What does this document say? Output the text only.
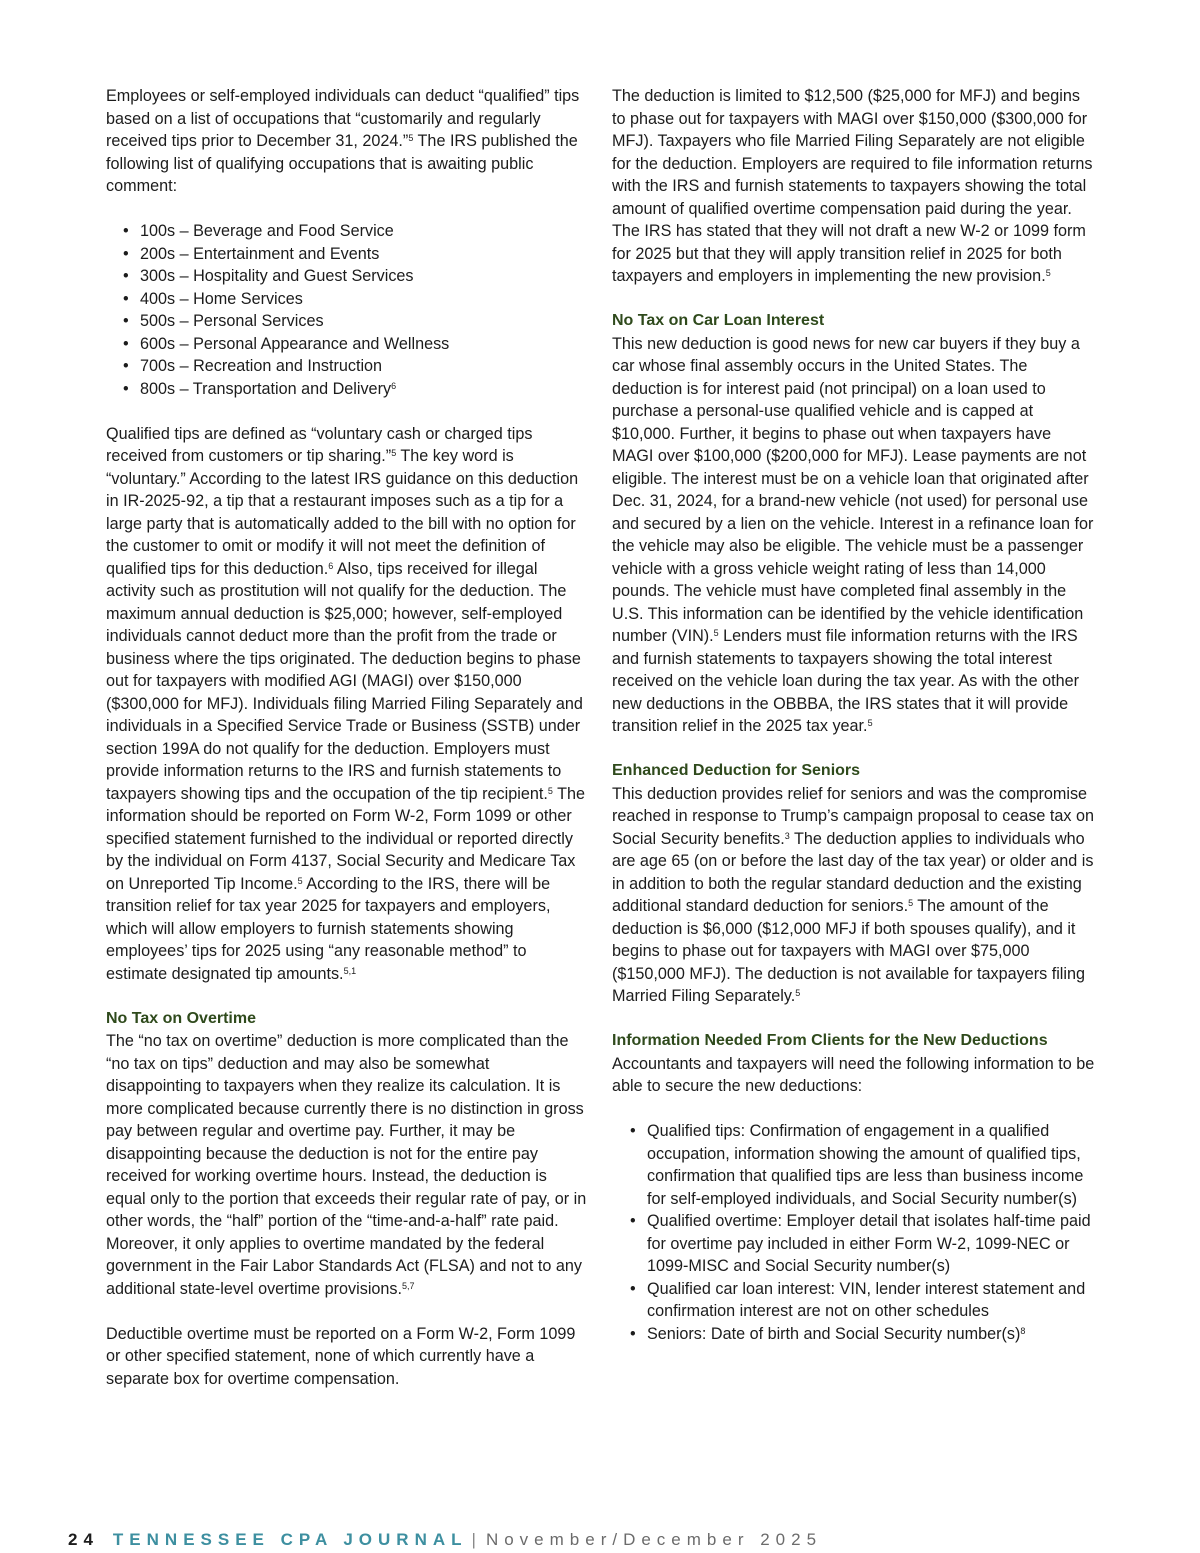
Employees or self-employed individuals can deduct “qualified” tips based on a list of occupations that “customarily and regularly received tips prior to December 31, 2024.”$^5$ The IRS published the following list of qualifying occupations that is awaiting public comment:

• 100s – Beverage and Food Service
• 200s – Entertainment and Events
• 300s – Hospitality and Guest Services
• 400s – Home Services
• 500s – Personal Services
• 600s – Personal Appearance and Wellness
• 700s – Recreation and Instruction
• 800s – Transportation and Delivery$^6$

Qualified tips are defined as “voluntary cash or charged tips received from customers or tip sharing.”$^5$ The key word is “voluntary.” According to the latest IRS guidance on this deduction in IR-2025-92, a tip that a restaurant imposes such as a tip for a large party that is automatically added to the bill with no option for the customer to omit or modify it will not meet the definition of qualified tips for this deduction.$^6$ Also, tips received for illegal activity such as prostitution will not qualify for the deduction. The maximum annual deduction is $25,000; however, self-employed individuals cannot deduct more than the profit from the trade or business where the tips originated. The deduction begins to phase out for taxpayers with modified AGI (MAGI) over $150,000 ($300,000 for MFJ). Individuals filing Married Filing Separately and individuals in a Specified Service Trade or Business (SSTB) under section 199A do not qualify for the deduction. Employers must provide information returns to the IRS and furnish statements to taxpayers showing tips and the occupation of the tip recipient.$^5$ The information should be reported on Form W-2, Form 1099 or other specified statement furnished to the individual or reported directly by the individual on Form 4137, Social Security and Medicare Tax on Unreported Tip Income.$^5$ According to the IRS, there will be transition relief for tax year 2025 for taxpayers and employers, which will allow employers to furnish statements showing employees’ tips for 2025 using “any reasonable method” to estimate designated tip amounts.$^{5,1}$

No Tax on Overtime

The “no tax on overtime” deduction is more complicated than the “no tax on tips” deduction and may also be somewhat disappointing to taxpayers when they realize its calculation. It is more complicated because currently there is no distinction in gross pay between regular and overtime pay. Further, it may be disappointing because the deduction is not for the entire pay received for working overtime hours. Instead, the deduction is equal only to the portion that exceeds their regular rate of pay, or in other words, the “half” portion of the “time-and-a-half” rate paid. Moreover, it only applies to overtime mandated by the federal government in the Fair Labor Standards Act (FLSA) and not to any additional state-level overtime provisions.$^{5,7}$

Deductible overtime must be reported on a Form W-2, Form 1099 or other specified statement, none of which currently have a separate box for overtime compensation.

The deduction is limited to $12,500 ($25,000 for MFJ) and begins to phase out for taxpayers with MAGI over $150,000 ($300,000 for MFJ). Taxpayers who file Married Filing Separately are not eligible for the deduction. Employers are required to file information returns with the IRS and furnish statements to taxpayers showing the total amount of qualified overtime compensation paid during the year. The IRS has stated that they will not draft a new W-2 or 1099 form for 2025 but that they will apply transition relief in 2025 for both taxpayers and employers in implementing the new provision.$^5$

No Tax on Car Loan Interest

This new deduction is good news for new car buyers if they buy a car whose final assembly occurs in the United States. The deduction is for interest paid (not principal) on a loan used to purchase a personal-use qualified vehicle and is capped at $10,000. Further, it begins to phase out when taxpayers have MAGI over $100,000 ($200,000 for MFJ). Lease payments are not eligible. The interest must be on a vehicle loan that originated after Dec. 31, 2024, for a brand-new vehicle (not used) for personal use and secured by a lien on the vehicle. Interest in a refinance loan for the vehicle may also be eligible. The vehicle must be a passenger vehicle with a gross vehicle weight rating of less than 14,000 pounds. The vehicle must have completed final assembly in the U.S. This information can be identified by the vehicle identification number (VIN).$^5$ Lenders must file information returns with the IRS and furnish statements to taxpayers showing the total interest received on the vehicle loan during the tax year. As with the other new deductions in the OBBBA, the IRS states that it will provide transition relief in the 2025 tax year.$^5$

Enhanced Deduction for Seniors

This deduction provides relief for seniors and was the compromise reached in response to Trump’s campaign proposal to cease tax on Social Security benefits.$^3$ The deduction applies to individuals who are age 65 (on or before the last day of the tax year) or older and is in addition to both the regular standard deduction and the existing additional standard deduction for seniors.$^5$ The amount of the deduction is $6,000 ($12,000 MFJ if both spouses qualify), and it begins to phase out for taxpayers with MAGI over $75,000 ($150,000 MFJ). The deduction is not available for taxpayers filing Married Filing Separately.$^5$

Information Needed From Clients for the New Deductions

Accountants and taxpayers will need the following information to be able to secure the new deductions:

• Qualified tips: Confirmation of engagement in a qualified occupation, information showing the amount of qualified tips, confirmation that qualified tips are less than business income for self-employed individuals, and Social Security number(s)
• Qualified overtime: Employer detail that isolates half-time paid for overtime pay included in either Form W-2, 1099-NEC or 1099-MISC and Social Security number(s)
• Qualified car loan interest: VIN, lender interest statement and confirmation interest are not on other schedules
• Seniors: Date of birth and Social Security $number(s)^8$
24 TENNESSEE CPA JOURNAL | November/December 2025
